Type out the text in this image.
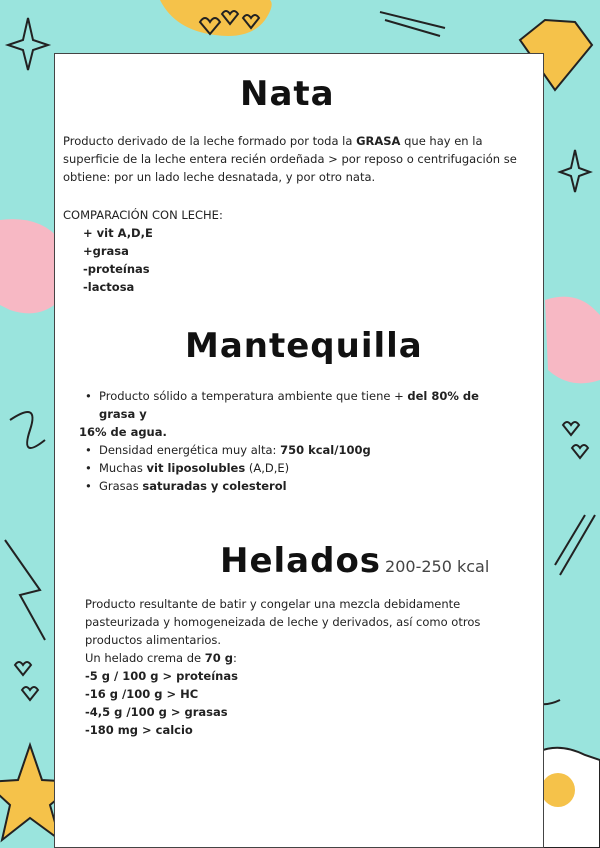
Nata

Producto derivado de la leche formado por toda la GRASA que hay en la superficie de la leche entera recién ordeñada > por reposo o centrifugación se obtiene: por un lado leche desnatada, y por otro nata.

COMPARACIÓN CON LECHE:

+ vit A,D,E
+grasa
-proteínas
-lactosa
Mantequilla
• Producto sólido a temperatura ambiente que tiene + del 80% de grasa y
16% de agua.
• Densidad energética muy alta: 750 kcal/100g
• Muchas vit liposolubles (A,D,E)
• Grasas saturadas y colesterol
Helados 200-250 kcal

Producto resultante de batir y congelar una mezcla debidamente pasteurizada y homogeneizada de leche y derivados, así como otros productos alimentarios.

Un helado crema de 70 g:

-5 g / 100 g > proteínas
-16 g /100 g > HC
-4,5 g /100 g > grasas
-180 mg > calcio
